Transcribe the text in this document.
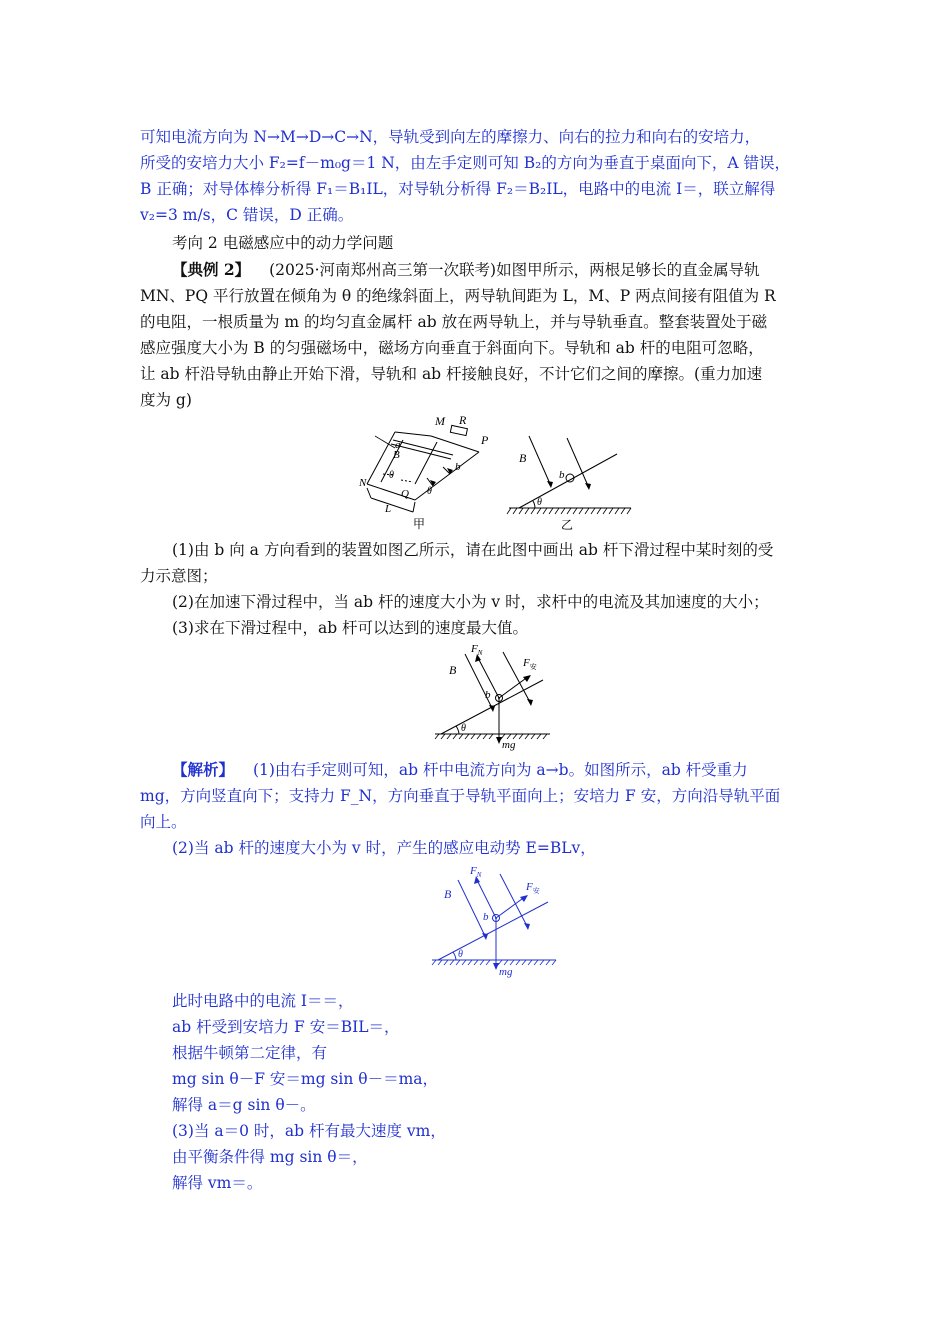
可知电流方向为 N→M→D→C→N，导轨受到向左的摩擦力、向右的拉力和向右的安培力，
所受的安培力大小 F₂=f－m₀g＝1 N，由左手定则可知 B₂的方向为垂直于桌面向下，A 错误，
B 正确；对导体棒分析得 F₁＝B₁IL，对导轨分析得 F₂＝B₂IL，电路中的电流 I＝，联立解得
v₂=3 m/s，C 错误，D 正确。
考向 2 电磁感应中的动力学问题
【典例 2】 (2025·河南郑州高三第一次联考)如图甲所示，两根足够长的直金属导轨
MN、PQ 平行放置在倾角为 θ 的绝缘斜面上，两导轨间距为 L，M、P 两点间接有阻值为 R
的电阻，一根质量为 m 的均匀直金属杆 ab 放在两导轨上，并与导轨垂直。整套装置处于磁
感应强度大小为 B 的匀强磁场中，磁场方向垂直于斜面向下。导轨和 ab 杆的电阻可忽略，
让 ab 杆沿导轨由静止开始下滑，导轨和 ab 杆接触良好，不计它们之间的摩擦。(重力加速
度为 g)
M R
P
B
a
b
N
Q
L
θ
θ
甲
B
b
θ
乙
(1)由 b 向 a 方向看到的装置如图乙所示，请在此图中画出 ab 杆下滑过程中某时刻的受
力示意图；
(2)在加速下滑过程中，当 ab 杆的速度大小为 v 时，求杆中的电流及其加速度的大小；
(3)求在下滑过程中，ab 杆可以达到的速度最大值。
B
$F_N$
$F_安$
b
θ
mg
【解析】 (1)由右手定则可知，ab 杆中电流方向为 a→b。如图所示，ab 杆受重力
mg，方向竖直向下；支持力 F_N，方向垂直于导轨平面向上；安培力 F 安，方向沿导轨平面
向上。
(2)当 ab 杆的速度大小为 v 时，产生的感应电动势 E=BLv，
B
$F_N$
$F_安$
b
θ
mg
此时电路中的电流 I＝＝，
ab 杆受到安培力 F 安＝BIL＝，
根据牛顿第二定律，有
mg sin θ－F 安＝mg sin θ－＝ma，
解得 a＝g sin θ－。
(3)当 a＝0 时，ab 杆有最大速度 vm，
由平衡条件得 mg sin θ＝，
解得 vm＝。
